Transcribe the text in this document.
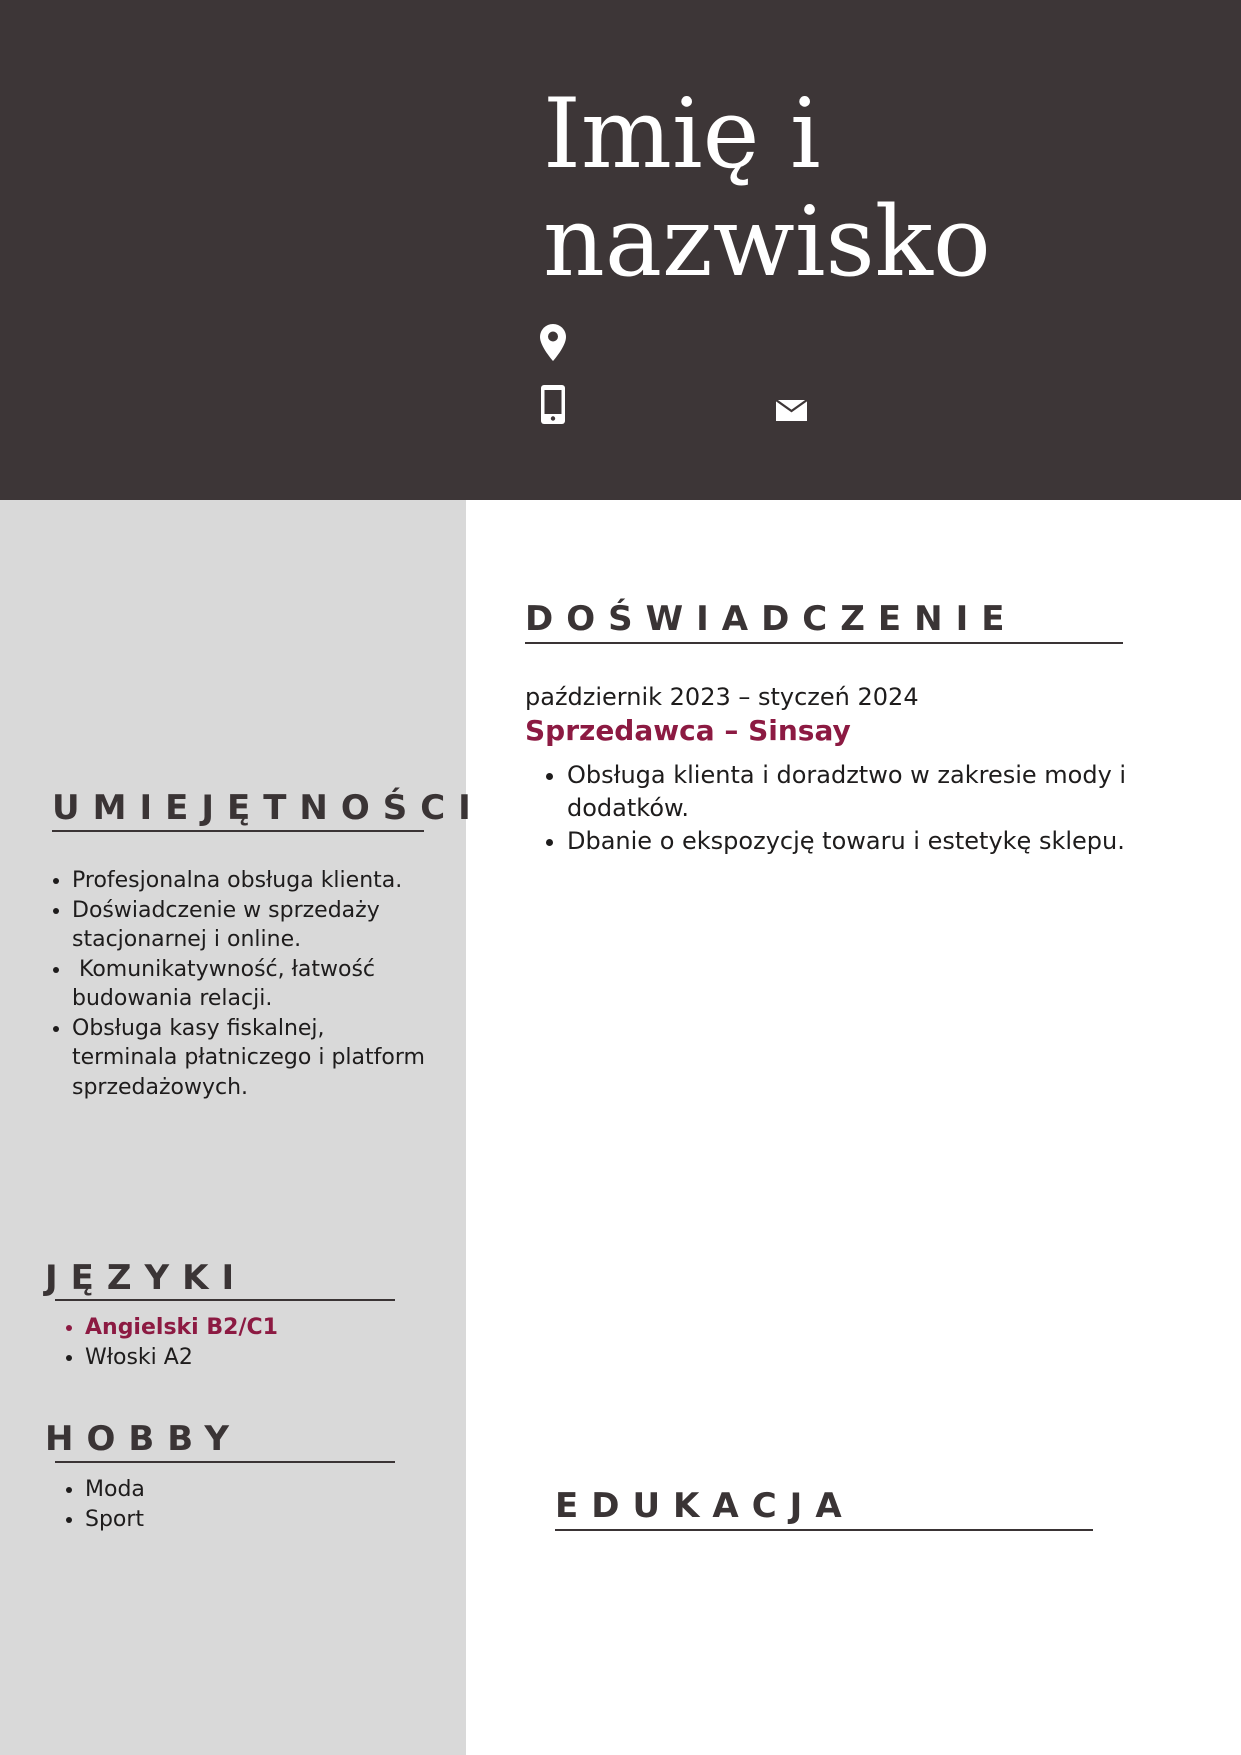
Imię i
nazwisko
UMIEJĘTNOŚCI
• Profesjonalna obsługa klienta.
• Doświadczenie w sprzedaży stacjonarnej i online.
•  Komunikatywność, łatwość budowania relacji.
• Obsługa kasy fiskalnej, terminala płatniczego i platform sprzedażowych.
JĘZYKI
• Angielski B2/C1
• Włoski A2
HOBBY
• Moda
• Sport
DOŚWIADCZENIE

październik 2023 – styczeń 2024

Sprzedawca – Sinsay

• Obsługa klienta i doradztwo w zakresie mody i dodatków.
• Dbanie o ekspozycję towaru i estetykę sklepu.
EDUKACJA
